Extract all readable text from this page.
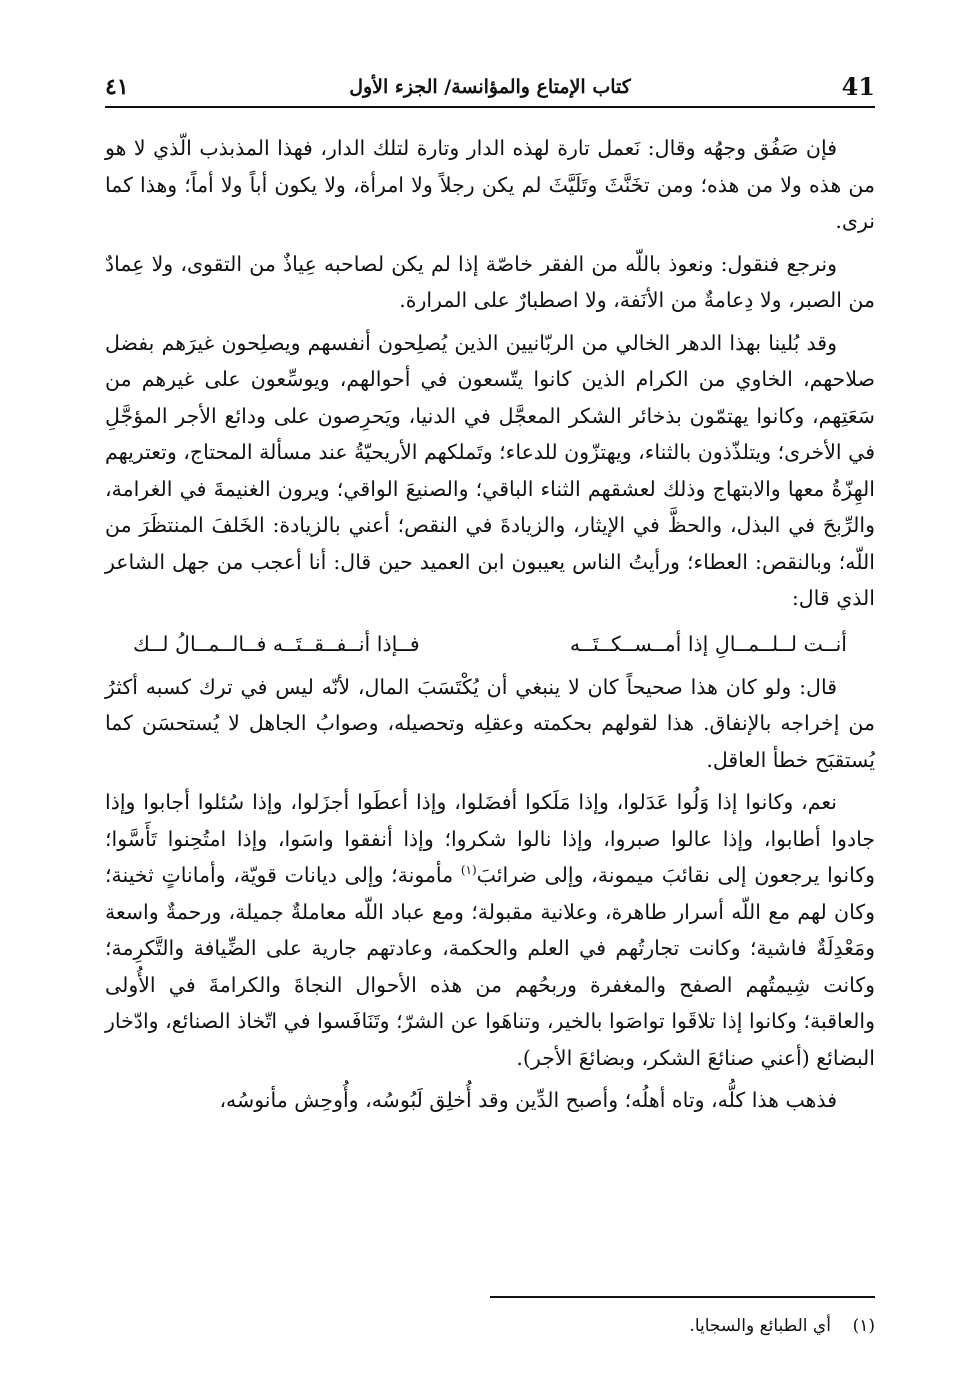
٤١	كتاب الإمتاع والمؤانسة/ الجزء الأول	41

فإن صَفُق وجهُه وقال: نَعمل تارة لهذه الدار وتارة لتلك الدار، فهذا المذبذب الّذي لا هو من هذه ولا من هذه؛ ومن تخَنَّثَ وتَلَيَّثَ لم يكن رجلاً ولا امرأة، ولا يكون أباً ولا أماً؛ وهذا كما نرى.

ونرجع فنقول: ونعوذ باللّه من الفقر خاصّة إذا لم يكن لصاحبه عِياذٌ من التقوى، ولا عِمادٌ من الصبر، ولا دِعامةٌ من الأنَفة، ولا اصطبارٌ على المرارة.

وقد بُلينا بهذا الدهر الخالي من الربّانيين الذين يُصلِحون أنفسهم ويصلِحون غيرَهم بفضل صلاحهم، الخاوي من الكرام الذين كانوا يتّسعون في أحوالهم، ويوسِّعون على غيرهم من سَعَتِهم، وكانوا يهتمّون بذخائر الشكر المعجَّل في الدنيا، ويَحرِصون على ودائع الأجر المؤجَّلِ في الأخرى؛ ويتلذّذون بالثناء، ويهتزّون للدعاء؛ وتَملكهم الأريحيّةُ عند مسألة المحتاج، وتعتريهم الهِزّةُ معها والابتهاج وذلك لعشقهم الثناء الباقي؛ والصنيعَ الواقي؛ ويرون الغنيمةَ في الغرامة، والرِّبحَ في البذل، والحظَّ في الإيثار، والزيادةَ في النقص؛ أعني بالزيادة: الخَلفَ المنتظَرَ من اللّه؛ وبالنقص: العطاء؛ ورأيتُ الناس يعيبون ابن العميد حين قال: أنا أعجب من جهل الشاعر الذي قال:

أنــت لــلــمــالِ إذا أمــســكــتَــه
فــإذا أنــفــقــتَــه فــالــمــالُ لــك

قال: ولو كان هذا صحيحاً كان لا ينبغي أن يُكْتَسَبَ المال، لأنّه ليس في ترك كسبه أكثرُ من إخراجه بالإنفاق. هذا لقولهم بحكمته وعقلِه وتحصيله، وصوابُ الجاهل لا يُستحسَن كما يُستقبَح خطأ العاقل.

نعم، وكانوا إذا وَلُوا عَدَلوا، وإذا مَلَكوا أفضَلوا، وإذا أعطَوا أجزَلوا، وإذا سُئلوا أجابوا وإذا جادوا أطابوا، وإذا عالوا صبروا، وإذا نالوا شكروا؛ وإذا أنفقوا واسَوا، وإذا امتُحِنوا تَأَسَّوا؛ وكانوا يرجعون إلى نقائبَ ميمونة، وإلى ضرائبَ$^{(١)}$ مأمونة؛ وإلى ديانات قويّة، وأماناتٍ ثخينة؛ وكان لهم مع اللّه أسرار طاهرة، وعلانية مقبولة؛ ومع عباد اللّه معاملةٌ جميلة، ورحمةٌ واسعة ومَعْدِلَةٌ فاشية؛ وكانت تجارتُهم في العلم والحكمة، وعادتهم جارية على الضِّيافة والتَّكرِمة؛ وكانت شِيمتُهم الصفح والمغفرة وربحُهم من هذه الأحوال النجاةَ والكرامةَ في الأُولى والعاقبة؛ وكانوا إذا تلاقَوا تواصَوا بالخير، وتناهَوا عن الشرّ؛ وتَنَافَسوا في اتّخاذ الصنائع، وادّخار البضائع (أعني صنائعَ الشكر، وبضائعَ الأجر).

فذهب هذا كلُّه، وتاه أهلُه؛ وأصبح الدِّين وقد أُخلِق لَبُوسُه، وأُوحِش مأنوسُه،

(١)    أي الطبائع والسجايا.
